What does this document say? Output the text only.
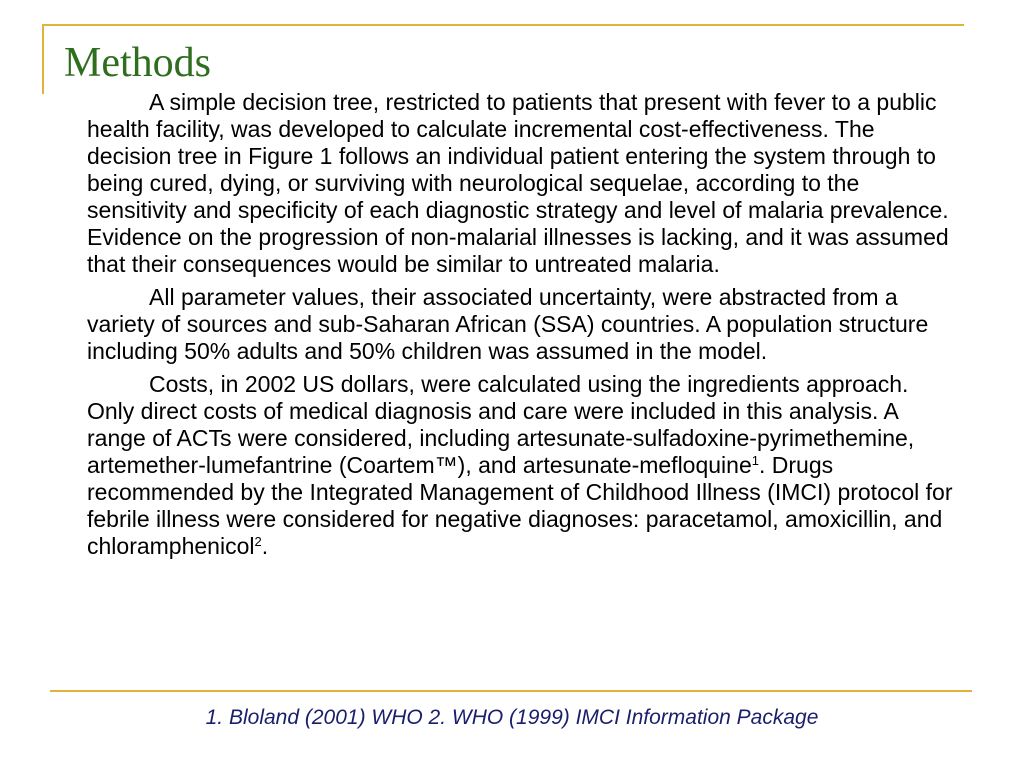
Methods

A simple decision tree, restricted to patients that present with fever to a public health facility, was developed to calculate incremental cost-effectiveness. The decision tree in Figure 1 follows an individual patient entering the system through to being cured, dying, or surviving with neurological sequelae, according to the sensitivity and specificity of each diagnostic strategy and level of malaria prevalence. Evidence on the progression of non-malarial illnesses is lacking, and it was assumed that their consequences would be similar to untreated malaria.

All parameter values, their associated uncertainty, were abstracted from a variety of sources and sub-Saharan African (SSA) countries. A population structure including 50% adults and 50% children was assumed in the model.

Costs, in 2002 US dollars, were calculated using the ingredients approach. Only direct costs of medical diagnosis and care were included in this analysis. A range of ACTs were considered, including artesunate-sulfadoxine-pyrimethemine, artemether-lumefantrine (Coartem™), and artesunate-mefloquine$^1$. Drugs recommended by the Integrated Management of Childhood Illness (IMCI) protocol for febrile illness were considered for negative diagnoses: paracetamol, amoxicillin, and chloramphenicol$^2$.

1. Bloland (2001) WHO 2. WHO (1999) IMCI Information Package
